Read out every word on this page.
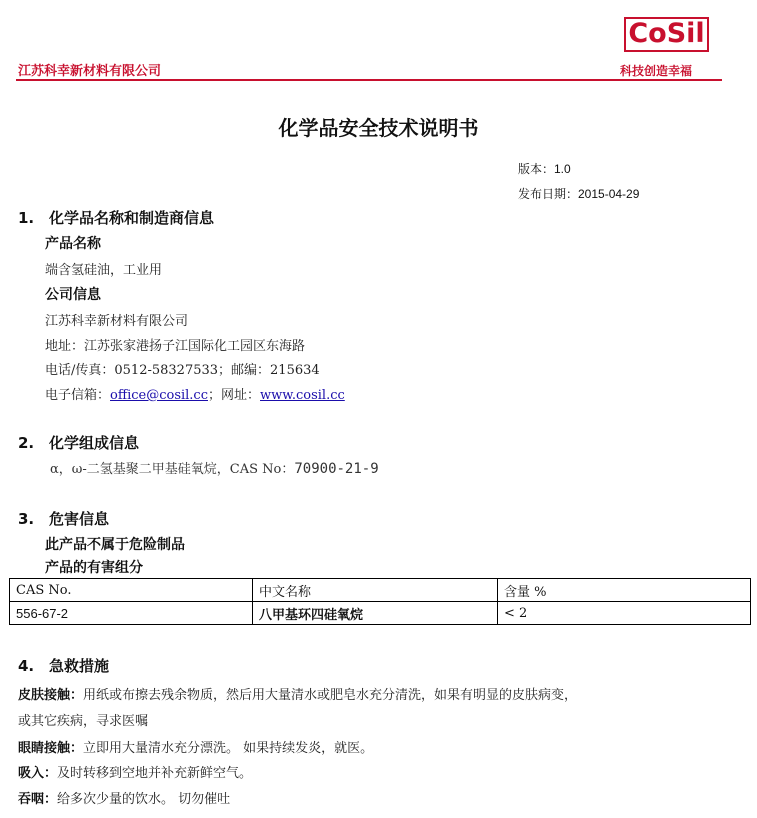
江苏科幸新材料有限公司
CoSil
科技创造幸福
化学品安全技术说明书
版本：1.0
发布日期：2015-04-29
1. 化学品名称和制造商信息
产品名称
端含氢硅油，工业用
公司信息
江苏科幸新材料有限公司
地址：江苏张家港扬子江国际化工园区东海路
电话/传真：0512-58327533；邮编：215634
电子信箱：office@cosil.cc；网址：www.cosil.cc
2. 化学组成信息
α，ω-二氢基聚二甲基硅氧烷，CAS No：70900-21-9
3. 危害信息
此产品不属于危险制品
产品的有害组分
CAS No.	中文名称	含量 %
556-67-2	八甲基环四硅氧烷	< 2
4. 急救措施
皮肤接触：用纸或布擦去残余物质，然后用大量清水或肥皂水充分清洗，如果有明显的皮肤病变，
或其它疾病，寻求医嘱
眼睛接触：立即用大量清水充分漂洗。 如果持续发炎，就医。
吸入：及时转移到空地并补充新鲜空气。
吞咽：给多次少量的饮水。 切勿催吐
